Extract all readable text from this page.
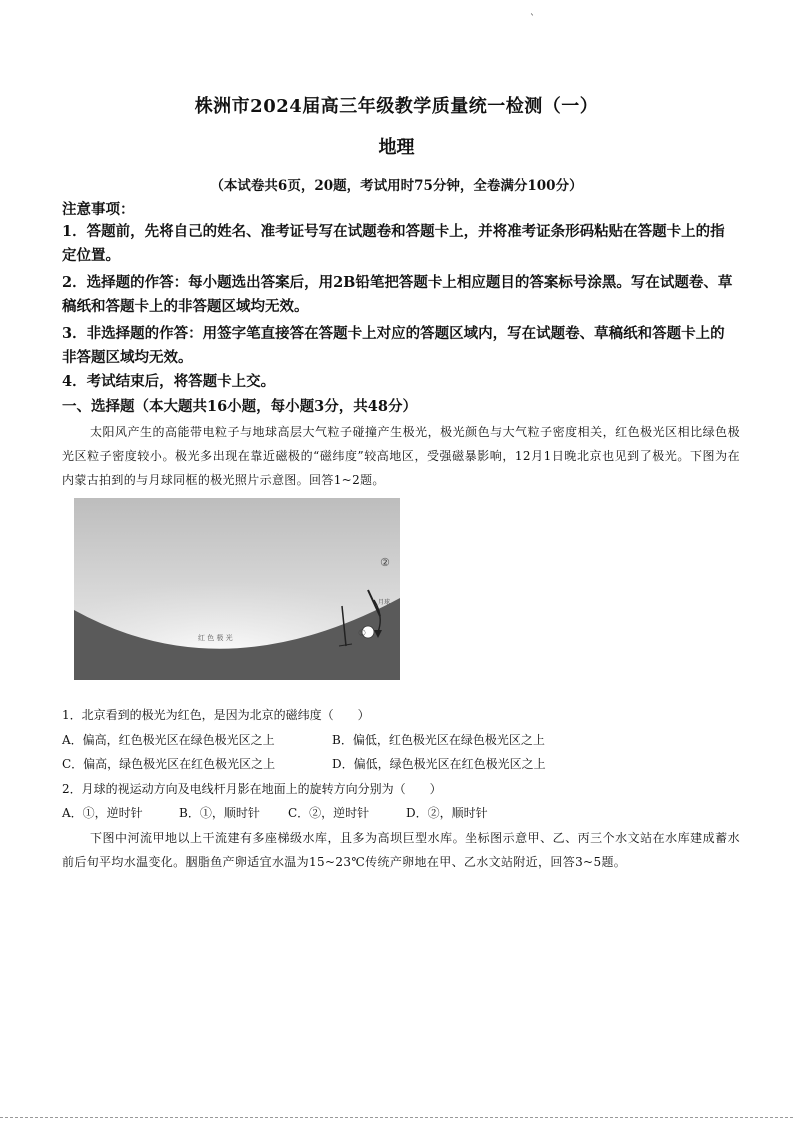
`
株洲市2024届高三年级教学质量统一检测（一）
地理
（本试卷共6页，20题，考试用时75分钟，全卷满分100分）
注意事项：
1．答题前，先将自己的姓名、准考证号写在试题卷和答题卡上，并将准考证条形码粘贴在答题卡上的指定位置。
2．选择题的作答：每小题选出答案后，用2B铅笔把答题卡上相应题目的答案标号涂黑。写在试题卷、草稿纸和答题卡上的非答题区域均无效。
3．非选择题的作答：用签字笔直接答在答题卡上对应的答题区域内，写在试题卷、草稿纸和答题卡上的非答题区域均无效。
4．考试结束后，将答题卡上交。
一、选择题（本大题共16小题，每小题3分，共48分）
太阳风产生的高能带电粒子与地球高层大气粒子碰撞产生极光，极光颜色与大气粒子密度相关，红色极光区相比绿色极光区粒子密度较小。极光多出现在靠近磁极的“磁纬度”较高地区，受强磁暴影响，12月1日晚北京也见到了极光。下图为在内蒙古拍到的与月球同框的极光照片示意图。回答1~2题。
①
②
月球
红 色 极 光
1．北京看到的极光为红色，是因为北京的磁纬度（　　）
A．偏高，红色极光区在绿色极光区之上	B．偏低，红色极光区在绿色极光区之上
C．偏高，绿色极光区在红色极光区之上	D．偏低，绿色极光区在红色极光区之上
2．月球的视运动方向及电线杆月影在地面上的旋转方向分别为（　　）
A．①，逆时针	B．①，顺时针 C．②，逆时针	D．②，顺时针
下图中河流甲地以上干流建有多座梯级水库，且多为高坝巨型水库。坐标图示意甲、乙、丙三个水文站在水库建成蓄水前后旬平均水温变化。胭脂鱼产卵适宜水温为15~23℃传统产卵地在甲、乙水文站附近，回答3~5题。
